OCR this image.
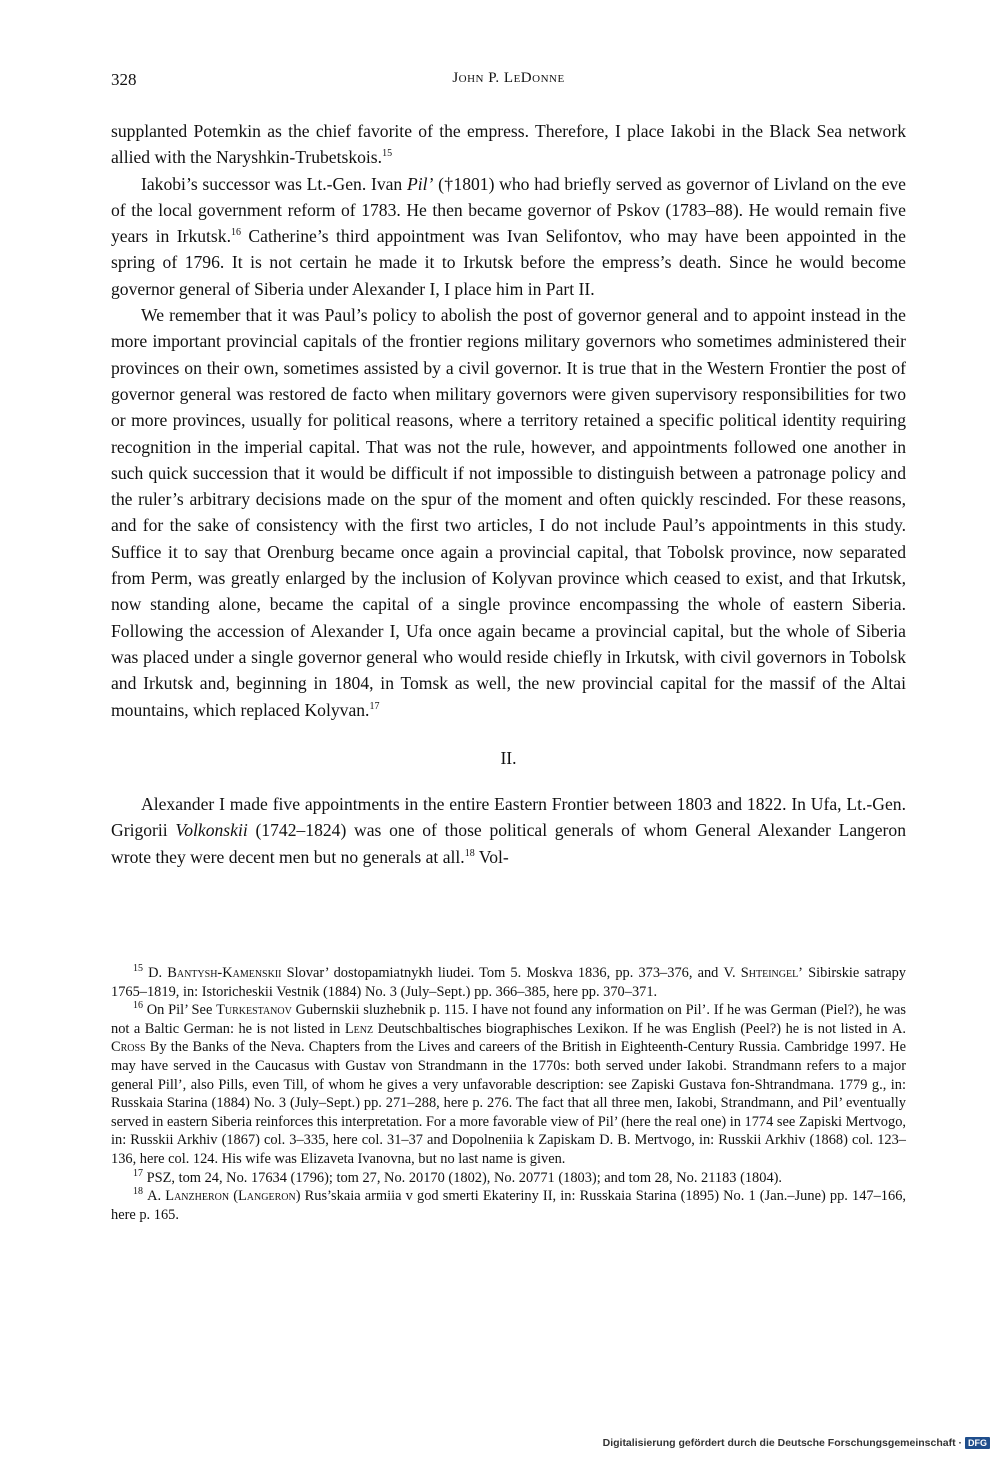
328	John P. LeDonne

supplanted Potemkin as the chief favorite of the empress. Therefore, I place Iakobi in the Black Sea network allied with the Naryshkin-Trubetskois.$^{15}$

Iakobi’s successor was Lt.-Gen. Ivan Pil’ (†1801) who had briefly served as governor of Livland on the eve of the local government reform of 1783. He then became governor of Pskov (1783–88). He would remain five years in Irkutsk.$^{16}$ Catherine’s third appointment was Ivan Selifontov, who may have been appointed in the spring of 1796. It is not certain he made it to Irkutsk before the empress’s death. Since he would become governor general of Siberia under Alexander I, I place him in Part II.

We remember that it was Paul’s policy to abolish the post of governor general and to appoint instead in the more important provincial capitals of the frontier regions military governors who sometimes administered their provinces on their own, sometimes assisted by a civil governor. It is true that in the Western Frontier the post of governor general was restored de facto when military governors were given supervisory responsibilities for two or more provinces, usually for political reasons, where a territory retained a specific political identity requiring recognition in the imperial capital. That was not the rule, however, and appointments followed one another in such quick succession that it would be difficult if not impossible to distinguish between a patronage policy and the ruler’s arbitrary decisions made on the spur of the moment and often quickly rescinded. For these reasons, and for the sake of consistency with the first two articles, I do not include Paul’s appointments in this study. Suffice it to say that Orenburg became once again a provincial capital, that Tobolsk province, now separated from Perm, was greatly enlarged by the inclusion of Kolyvan province which ceased to exist, and that Irkutsk, now standing alone, became the capital of a single province encompassing the whole of eastern Siberia. Following the accession of Alexander I, Ufa once again became a provincial capital, but the whole of Siberia was placed under a single governor general who would reside chiefly in Irkutsk, with civil governors in Tobolsk and Irkutsk and, beginning in 1804, in Tomsk as well, the new provincial capital for the massif of the Altai mountains, which replaced Kolyvan.$^{17}$

II.

Alexander I made five appointments in the entire Eastern Frontier between 1803 and 1822. In Ufa, Lt.-Gen. Grigorii Volkonskii (1742–1824) was one of those political generals of whom General Alexander Langeron wrote they were decent men but no generals at all.$^{18}$ Vol-

$^{15}$ D. Bantysh-Kamenskii Slovar’ dostopamiatnykh liudei. Tom 5. Moskva 1836, pp. 373–376, and V. Shteingel’ Sibirskie satrapy 1765–1819, in: Istoricheskii Vestnik (1884) No. 3 (July–Sept.) pp. 366–385, here pp. 370–371.

$^{16}$ On Pil’ See Turkestanov Gubernskii sluzhebnik p. 115. I have not found any information on Pil’. If he was German (Piel?), he was not a Baltic German: he is not listed in Lenz Deutschbaltisches biographisches Lexikon. If he was English (Peel?) he is not listed in A. Cross By the Banks of the Neva. Chapters from the Lives and careers of the British in Eighteenth-Century Russia. Cambridge 1997. He may have served in the Caucasus with Gustav von Strandmann in the 1770s: both served under Iakobi. Strandmann refers to a major general Pill’, also Pills, even Till, of whom he gives a very unfavorable description: see Zapiski Gustava fon-Shtrandmana. 1779 g., in: Russkaia Starina (1884) No. 3 (July–Sept.) pp. 271–288, here p. 276. The fact that all three men, Iakobi, Strandmann, and Pil’ eventually served in eastern Siberia reinforces this interpretation. For a more favorable view of Pil’ (here the real one) in 1774 see Zapiski Mertvogo, in: Russkii Arkhiv (1867) col. 3–335, here col. 31–37 and Dopolneniia k Zapiskam D. B. Mertvogo, in: Russkii Arkhiv (1868) col. 123–136, here col. 124. His wife was Elizaveta Ivanovna, but no last name is given.

$^{17}$ PSZ, tom 24, No. 17634 (1796); tom 27, No. 20170 (1802), No. 20771 (1803); and tom 28, No. 21183 (1804).

$^{18}$ A. Lanzheron (Langeron) Rus’skaia armiia v god smerti Ekateriny II, in: Russkaia Starina (1895) No. 1 (Jan.–June) pp. 147–166, here p. 165.

Digitalisierung gefördert durch die Deutsche Forschungsgemeinschaft · DFG
